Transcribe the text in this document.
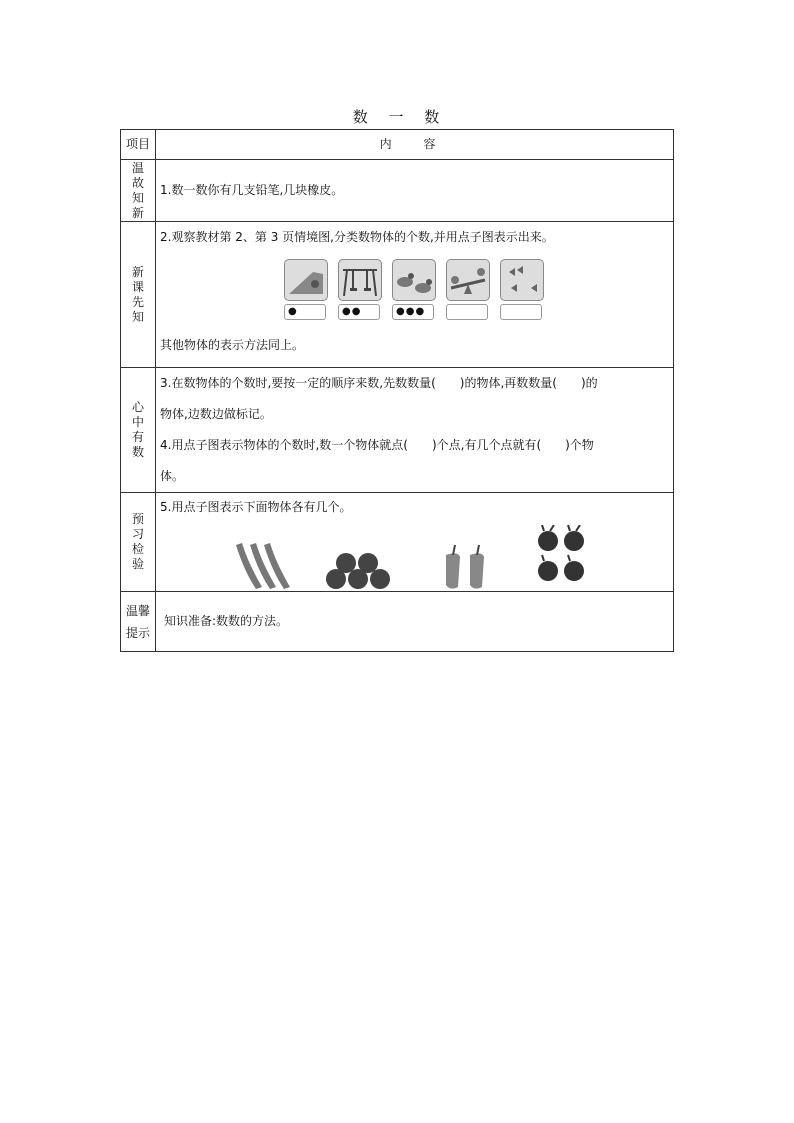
数 一 数
项目	内 容
温故知新	1.数一数你有几支铅笔,几块橡皮。
新课先知	2.观察教材第 2、第 3 页情境图,分类数物体的个数,并用点子图表示出来。
● ●● ●●●
其他物体的表示方法同上。

心中有数	3.在数物体的个数时,要按一定的顺序来数,先数数量(　　)的物体,再数数量(　　)的
物体,边数边做标记。
4.用点子图表示物体的个数时,数一个物体就点(　　)个点,有几个点就有(　　)个物
体。

预习检验	5.用点子图表示下面物体各有几个。

温馨
提示	知识准备:数数的方法。
